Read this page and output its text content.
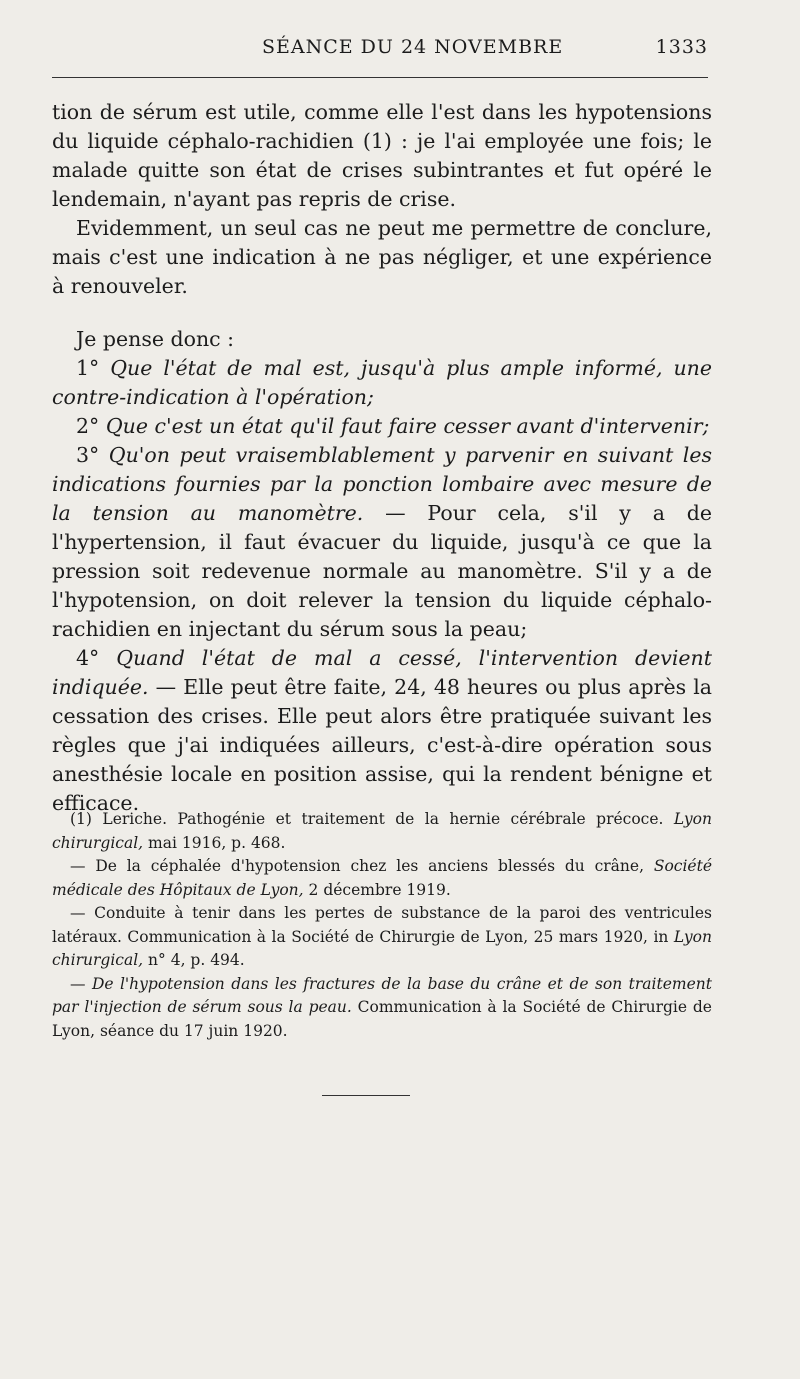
SÉANCE DU 24 NOVEMBRE	1333

tion de sérum est utile, comme elle l'est dans les hypotensions du liquide céphalo-rachidien (1) : je l'ai employée une fois; le malade quitte son état de crises subintrantes et fut opéré le lendemain, n'ayant pas repris de crise.

Evidemment, un seul cas ne peut me permettre de conclure, mais c'est une indication à ne pas négliger, et une expérience à renouveler.

Je pense donc :

1° Que l'état de mal est, jusqu'à plus ample informé, une contre-indication à l'opération;

2° Que c'est un état qu'il faut faire cesser avant d'intervenir;

3° Qu'on peut vraisemblablement y parvenir en suivant les indications fournies par la ponction lombaire avec mesure de la tension au manomètre. — Pour cela, s'il y a de l'hypertension, il faut évacuer du liquide, jusqu'à ce que la pression soit redevenue normale au manomètre. S'il y a de l'hypotension, on doit relever la tension du liquide céphalo-rachidien en injectant du sérum sous la peau;

4° Quand l'état de mal a cessé, l'intervention devient indiquée. — Elle peut être faite, 24, 48 heures ou plus après la cessation des crises. Elle peut alors être pratiquée suivant les règles que j'ai indiquées ailleurs, c'est-à-dire opération sous anesthésie locale en position assise, qui la rendent bénigne et efficace.

(1) Leriche. Pathogénie et traitement de la hernie cérébrale précoce. Lyon chirurgical, mai 1916, p. 468.

— De la céphalée d'hypotension chez les anciens blessés du crâne, Société médicale des Hôpitaux de Lyon, 2 décembre 1919.

— Conduite à tenir dans les pertes de substance de la paroi des ventricules latéraux. Communication à la Société de Chirurgie de Lyon, 25 mars 1920, in Lyon chirurgical, n° 4, p. 494.

— De l'hypotension dans les fractures de la base du crâne et de son traitement par l'injection de sérum sous la peau. Communication à la Société de Chirurgie de Lyon, séance du 17 juin 1920.
